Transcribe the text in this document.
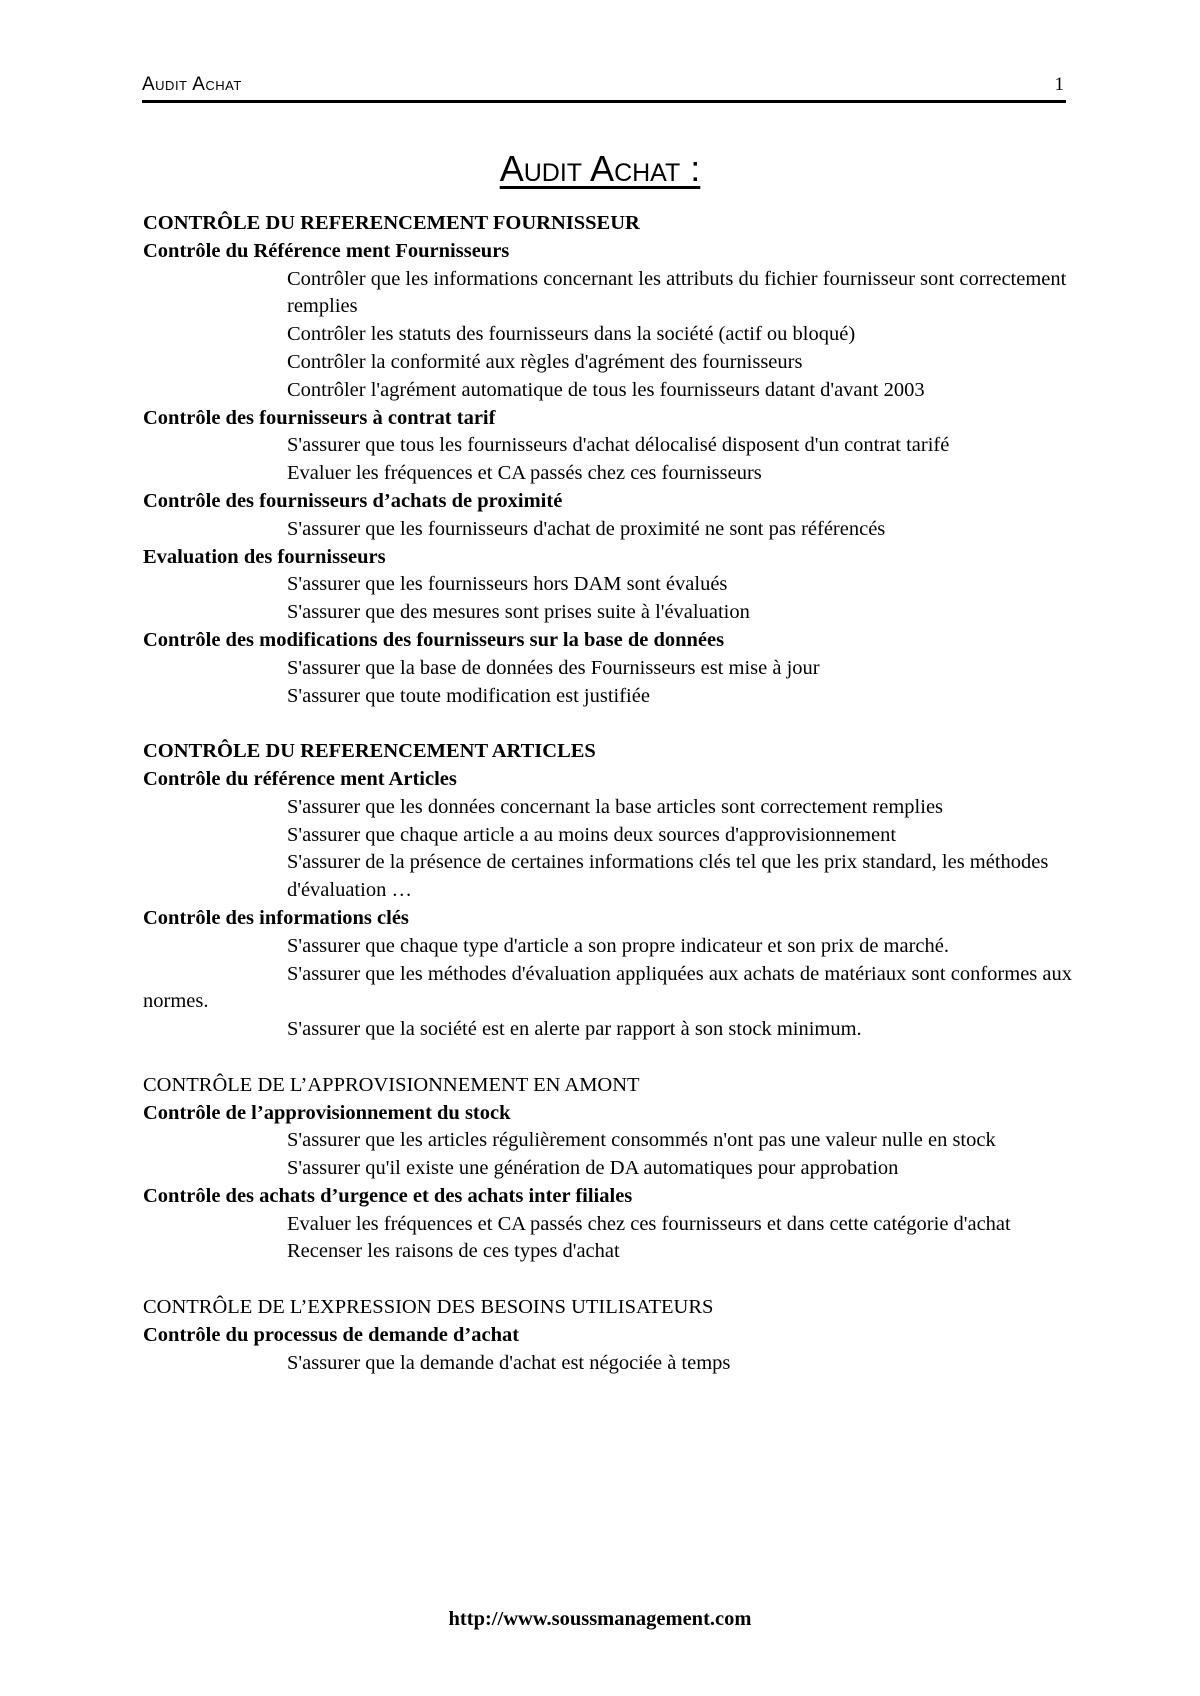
Audit Achat	1
Audit Achat :
CONTRÔLE DU REFERENCEMENT FOURNISSEUR
Contrôle du Référence ment Fournisseurs
Contrôler que les informations concernant les attributs du fichier fournisseur sont correctement remplies
Contrôler les statuts des fournisseurs dans la société (actif ou bloqué)
Contrôler la conformité aux règles d'agrément des fournisseurs
Contrôler l'agrément automatique de tous les fournisseurs datant d'avant 2003
Contrôle des fournisseurs à contrat tarif
S'assurer que tous les fournisseurs d'achat délocalisé disposent d'un contrat tarifé
Evaluer les fréquences et CA passés chez ces fournisseurs
Contrôle des fournisseurs d’achats de proximité
S'assurer que les fournisseurs d'achat de proximité ne sont pas référencés
Evaluation des fournisseurs
S'assurer que les fournisseurs hors DAM sont évalués
S'assurer que des mesures sont prises suite à l'évaluation
Contrôle des modifications des fournisseurs sur la base de données
S'assurer que la base de données des Fournisseurs est mise à jour
S'assurer que toute modification est justifiée
CONTRÔLE DU REFERENCEMENT ARTICLES
Contrôle du référence ment Articles
S'assurer que les données concernant la base articles sont correctement remplies
S'assurer que chaque article a au moins deux sources d'approvisionnement
S'assurer de la présence de certaines informations clés tel que les prix standard, les méthodes d'évaluation …
Contrôle des informations clés
S'assurer que chaque type d'article a son propre indicateur et son prix de marché.
S'assurer que les méthodes d'évaluation appliquées aux achats de matériaux sont conformes aux normes.
S'assurer que la société est en alerte par rapport à son stock minimum.
CONTRÔLE DE L’APPROVISIONNEMENT EN AMONT
Contrôle de l’approvisionnement du stock
S'assurer que les articles régulièrement consommés n'ont pas une valeur nulle en stock
S'assurer qu'il existe une génération de DA automatiques pour approbation
Contrôle des achats d’urgence et des achats inter filiales
Evaluer les fréquences et CA passés chez ces fournisseurs et dans cette catégorie d'achat
Recenser les raisons de ces types d'achat
CONTRÔLE DE L’EXPRESSION DES BESOINS UTILISATEURS
Contrôle du processus de demande d’achat
S'assurer que la demande d'achat est négociée à temps
http://www.soussmanagement.com
